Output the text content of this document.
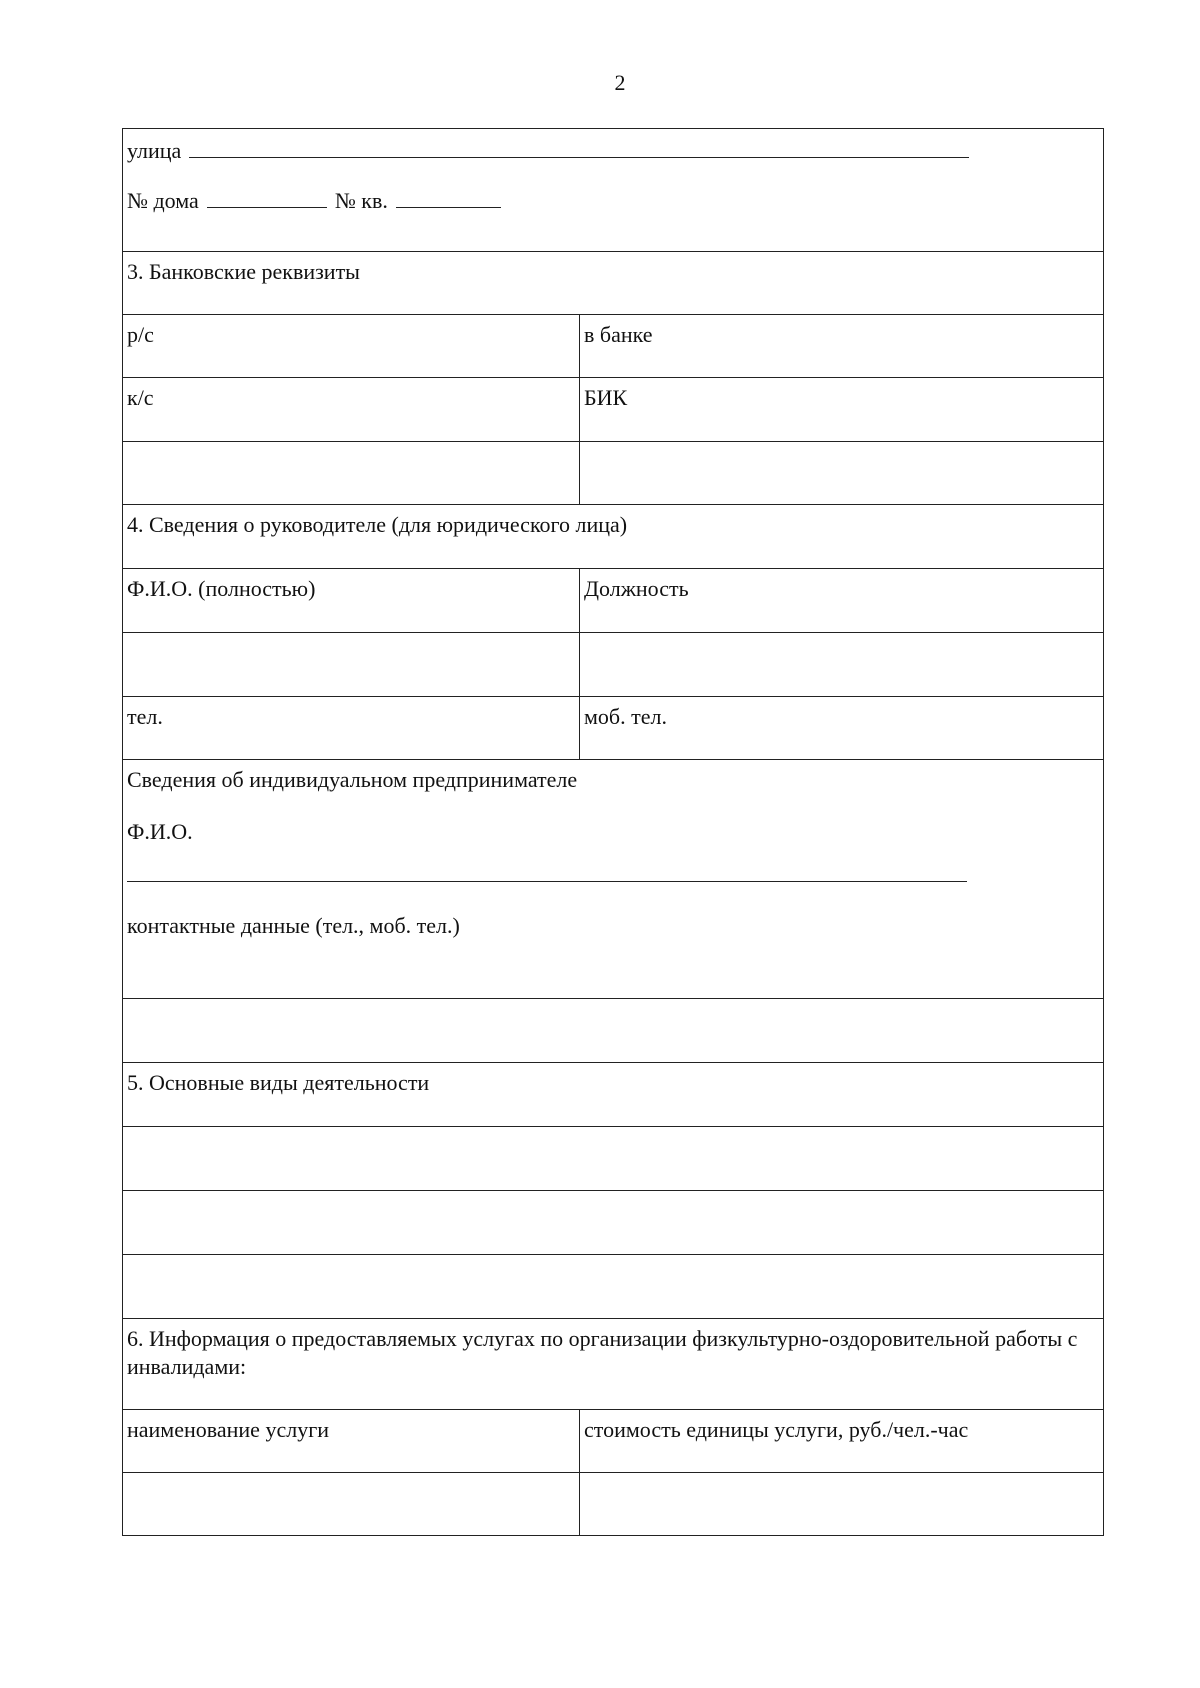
2
улица
№ дома	№ кв.
3. Банковские реквизиты
р/с	в банке
к/с	БИК
4. Сведения о руководителе (для юридического лица)
Ф.И.О. (полностью)	Должность
тел.	моб. тел.
Сведения об индивидуальном предпринимателе
Ф.И.О.
контактные данные (тел., моб. тел.)
5. Основные виды деятельности
6. Информация о предоставляемых услугах по организации физкультурно-оздоровительной работы с инвалидами:
наименование услуги	стоимость единицы услуги, руб./чел.-час
